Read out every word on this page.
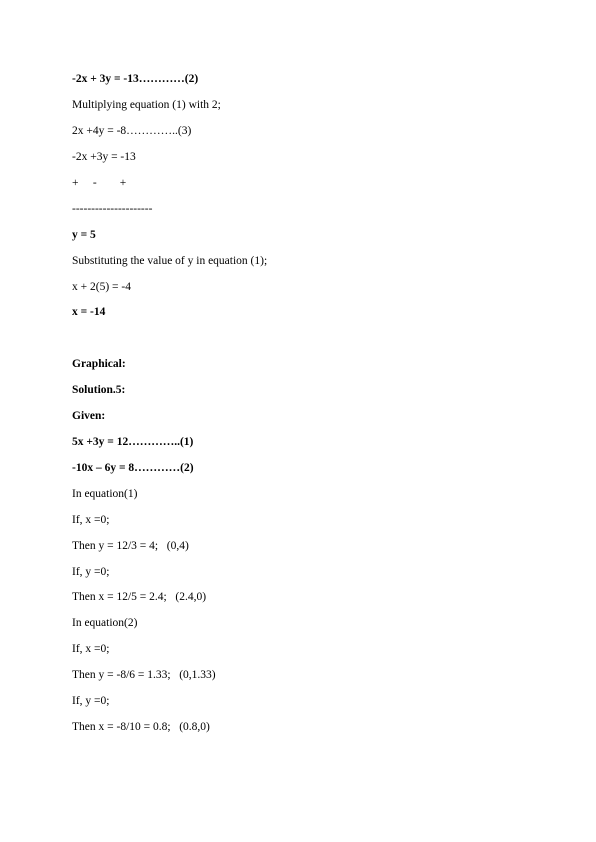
-2x + 3y = -13…………(2)
Multiplying equation (1) with 2;
2x +4y = -8…………..(3)
-2x +3y = -13
+     -        +
---------------------
y = 5
Substituting the value of y in equation (1);
x + 2(5) = -4
x = -14
Graphical:
Solution.5:
Given:
5x +3y = 12…………..(1)
-10x – 6y = 8…………(2)
In equation(1)
If, x =0;
Then y = 12/3 = 4;   (0,4)
If, y =0;
Then x = 12/5 = 2.4;   (2.4,0)
In equation(2)
If, x =0;
Then y = -8/6 = 1.33;   (0,1.33)
If, y =0;
Then x = -8/10 = 0.8;   (0.8,0)
